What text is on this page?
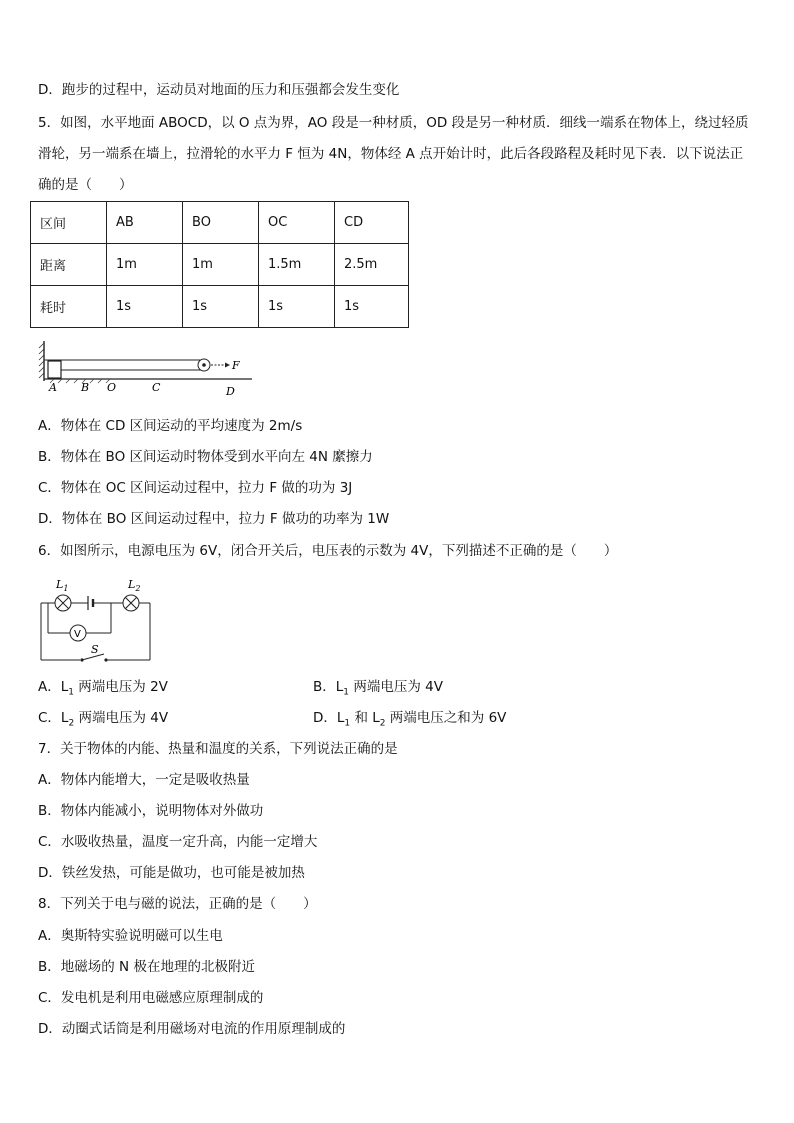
D．跑步的过程中，运动员对地面的压力和压强都会发生变化
5．如图，水平地面 ABOCD，以 O 点为界，AO 段是一种材质，OD 段是另一种材质．细线一端系在物体上，绕过轻质
滑轮，另一端系在墙上，拉滑轮的水平力 F 恒为 4N，物体经 A 点开始计时，此后各段路程及耗时见下表．以下说法正
确的是（　　）
区间	AB	BO	OC	CD
距离	1m	1m	1.5m	2.5m
耗时	1s	1s	1s	1s
F
A B O	C	D
A．物体在 CD 区间运动的平均速度为 2m/s
B．物体在 BO 区间运动时物体受到水平向左 4N 縻擦力
C．物体在 OC 区间运动过程中，拉力 F 做的功为 3J
D．物体在 BO 区间运动过程中，拉力 F 做功的功率为 1W
6．如图所示，电源电压为 6V，闭合开关后，电压表的示数为 4V，下列描述不正确的是（　　）
$L_1$	$L_2$
V
S
A．$L_1$ 两端电压为 2V	B．$L_1$ 两端电压为 4V
C．$L_2$ 两端电压为 4V	D．$L_1$ 和 $L_2$ 两端电压之和为 6V
7．关于物体的内能、热量和温度的关系，下列说法正确的是
A．物体内能增大，一定是吸收热量
B．物体内能减小，说明物体对外做功
C．水吸收热量，温度一定升高，内能一定增大
D．铁丝发热，可能是做功，也可能是被加热
8．下列关于电与磁的说法，正确的是（　　）
A．奥斯特实验说明磁可以生电
B．地磁场的 N 极在地理的北极附近
C．发电机是利用电磁感应原理制成的
D．动圈式话筒是利用磁场对电流的作用原理制成的
